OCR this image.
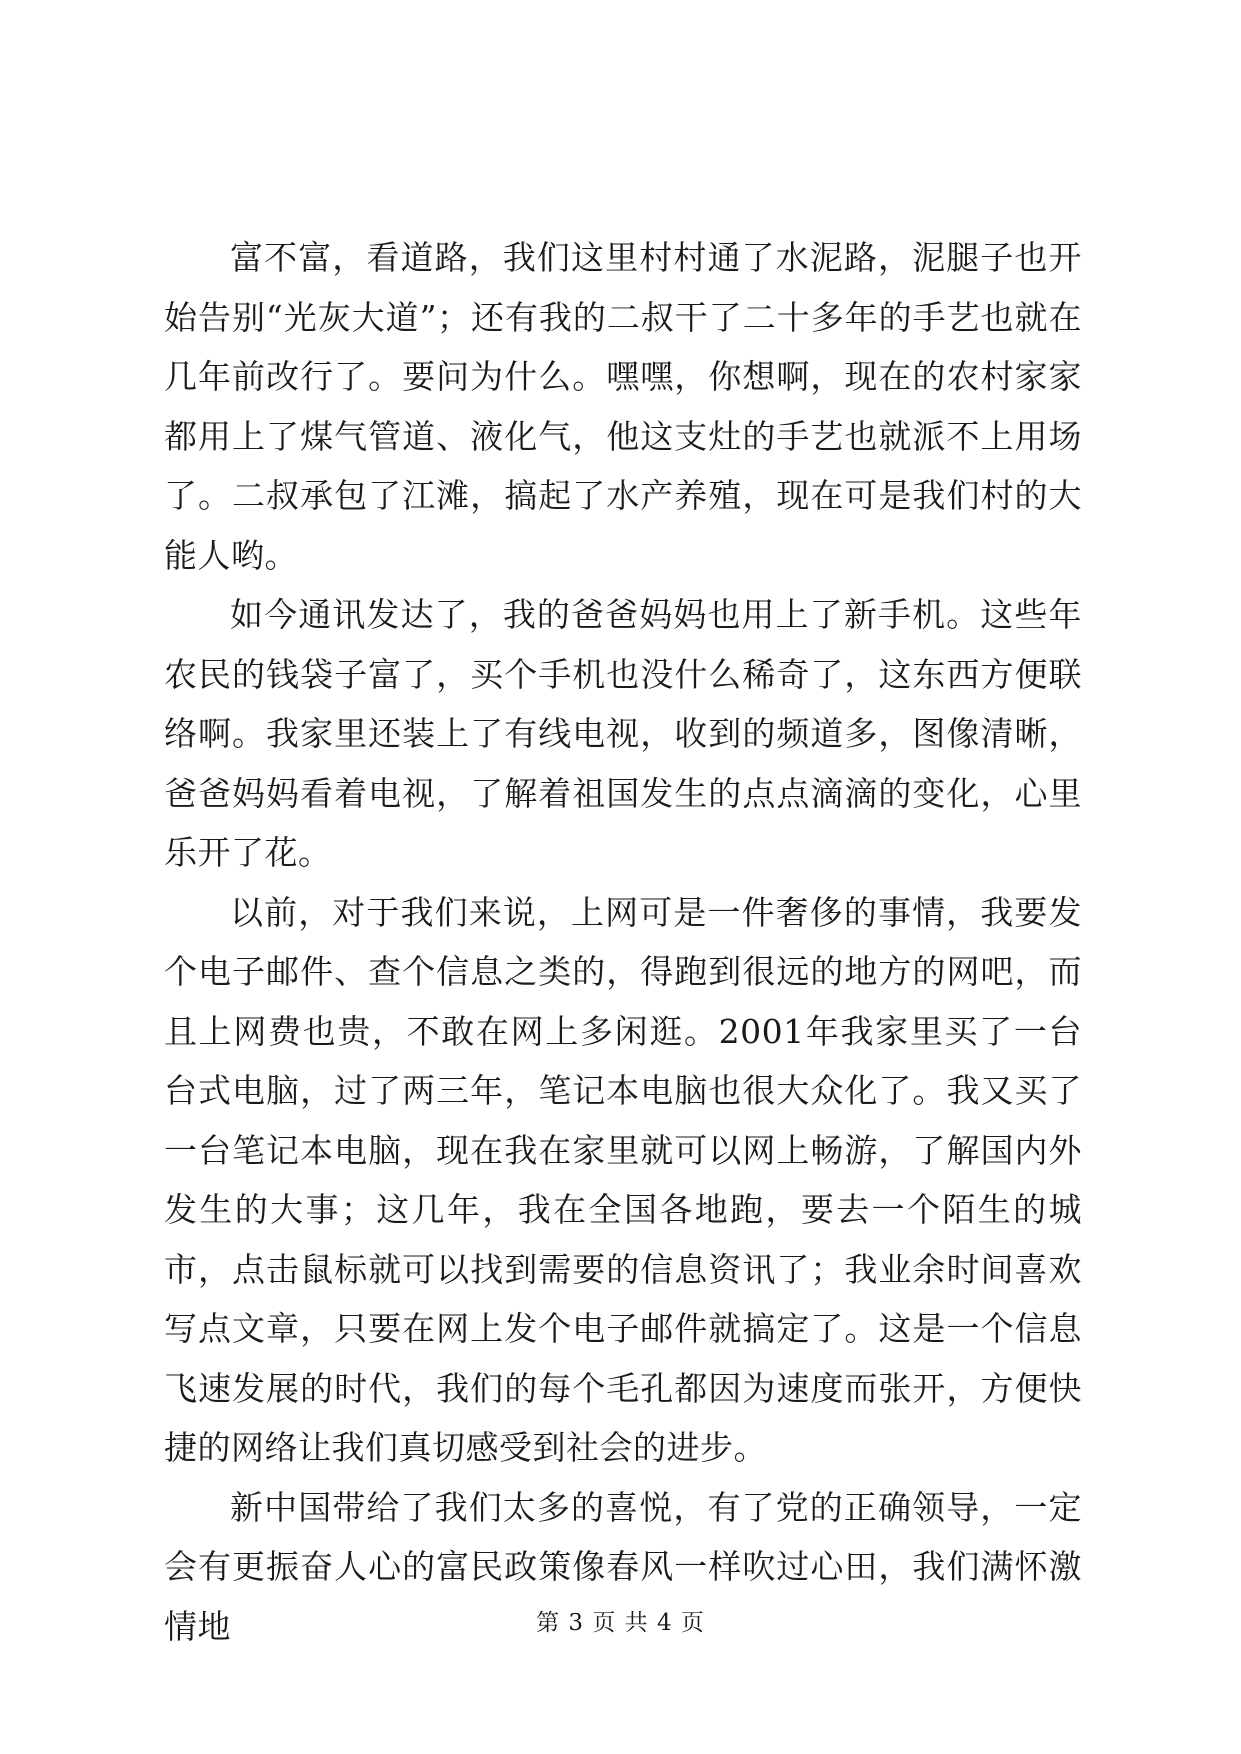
富不富，看道路，我们这里村村通了水泥路，泥腿子也开始告别“光灰大道”；还有我的二叔干了二十多年的手艺也就在几年前改行了。要问为什么。嘿嘿，你想啊，现在的农村家家都用上了煤气管道、液化气，他这支灶的手艺也就派不上用场了。二叔承包了江滩，搞起了水产养殖，现在可是我们村的大能人哟。

如今通讯发达了，我的爸爸妈妈也用上了新手机。这些年农民的钱袋子富了，买个手机也没什么稀奇了，这东西方便联络啊。我家里还装上了有线电视，收到的频道多，图像清晰，爸爸妈妈看着电视，了解着祖国发生的点点滴滴的变化，心里乐开了花。

以前，对于我们来说，上网可是一件奢侈的事情，我要发个电子邮件、查个信息之类的，得跑到很远的地方的网吧，而且上网费也贵，不敢在网上多闲逛。2001年我家里买了一台台式电脑，过了两三年，笔记本电脑也很大众化了。我又买了一台笔记本电脑，现在我在家里就可以网上畅游，了解国内外发生的大事；这几年，我在全国各地跑，要去一个陌生的城市，点击鼠标就可以找到需要的信息资讯了；我业余时间喜欢写点文章，只要在网上发个电子邮件就搞定了。这是一个信息飞速发展的时代，我们的每个毛孔都因为速度而张开，方便快捷的网络让我们真切感受到社会的进步。

新中国带给了我们太多的喜悦，有了党的正确领导，一定会有更振奋人心的富民政策像春风一样吹过心田，我们满怀激情地	第 3 页 共 4 页
